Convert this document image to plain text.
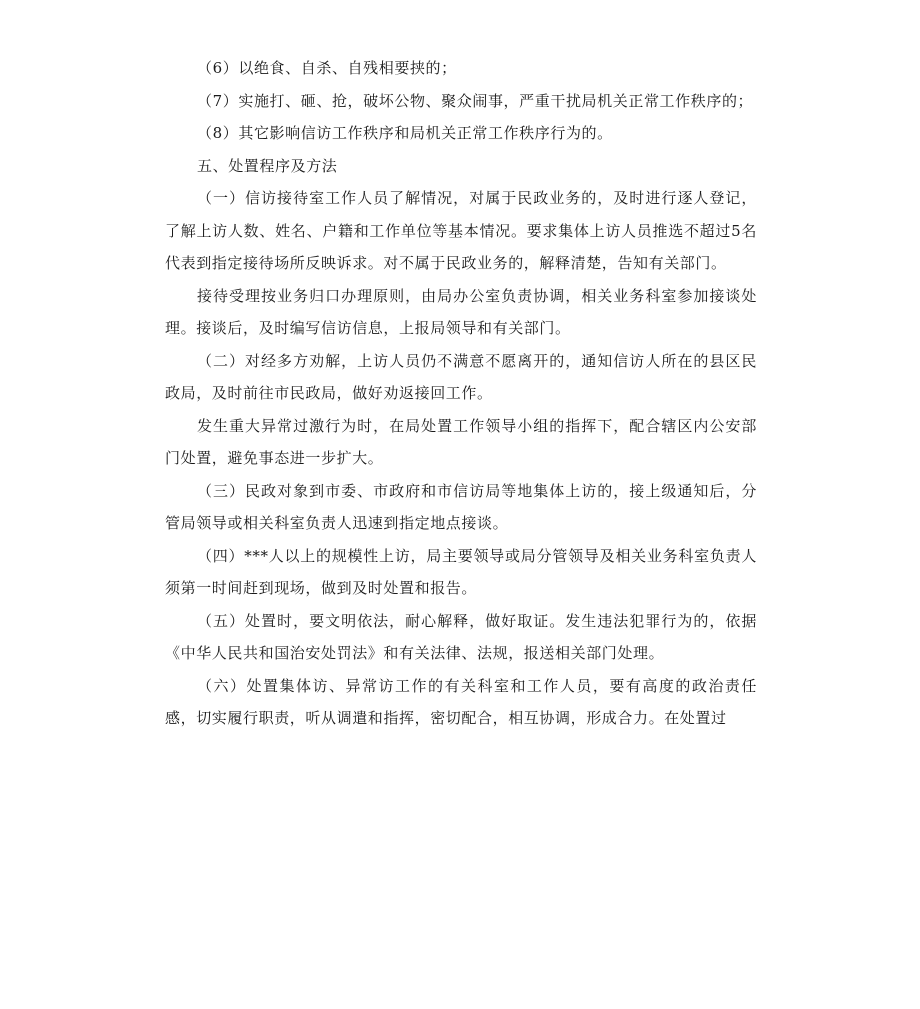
（6）以绝食、自杀、自残相要挟的；

（7）实施打、砸、抢，破坏公物、聚众闹事，严重干扰局机关正常工作秩序的；

（8）其它影响信访工作秩序和局机关正常工作秩序行为的。

五、处置程序及方法

（一）信访接待室工作人员了解情况，对属于民政业务的，及时进行逐人登记，了解上访人数、姓名、户籍和工作单位等基本情况。要求集体上访人员推选不超过5名代表到指定接待场所反映诉求。对不属于民政业务的，解释清楚，告知有关部门。

接待受理按业务归口办理原则，由局办公室负责协调，相关业务科室参加接谈处理。接谈后，及时编写信访信息，上报局领导和有关部门。

（二）对经多方劝解，上访人员仍不满意不愿离开的，通知信访人所在的县区民政局，及时前往市民政局，做好劝返接回工作。

发生重大异常过激行为时，在局处置工作领导小组的指挥下，配合辖区内公安部门处置，避免事态进一步扩大。

（三）民政对象到市委、市政府和市信访局等地集体上访的，接上级通知后，分管局领导或相关科室负责人迅速到指定地点接谈。

（四）***人以上的规模性上访，局主要领导或局分管领导及相关业务科室负责人须第一时间赶到现场，做到及时处置和报告。

（五）处置时，要文明依法，耐心解释，做好取证。发生违法犯罪行为的，依据《中华人民共和国治安处罚法》和有关法律、法规，报送相关部门处理。

（六）处置集体访、异常访工作的有关科室和工作人员，要有高度的政治责任感，切实履行职责，听从调遣和指挥，密切配合，相互协调，形成合力。在处置过
